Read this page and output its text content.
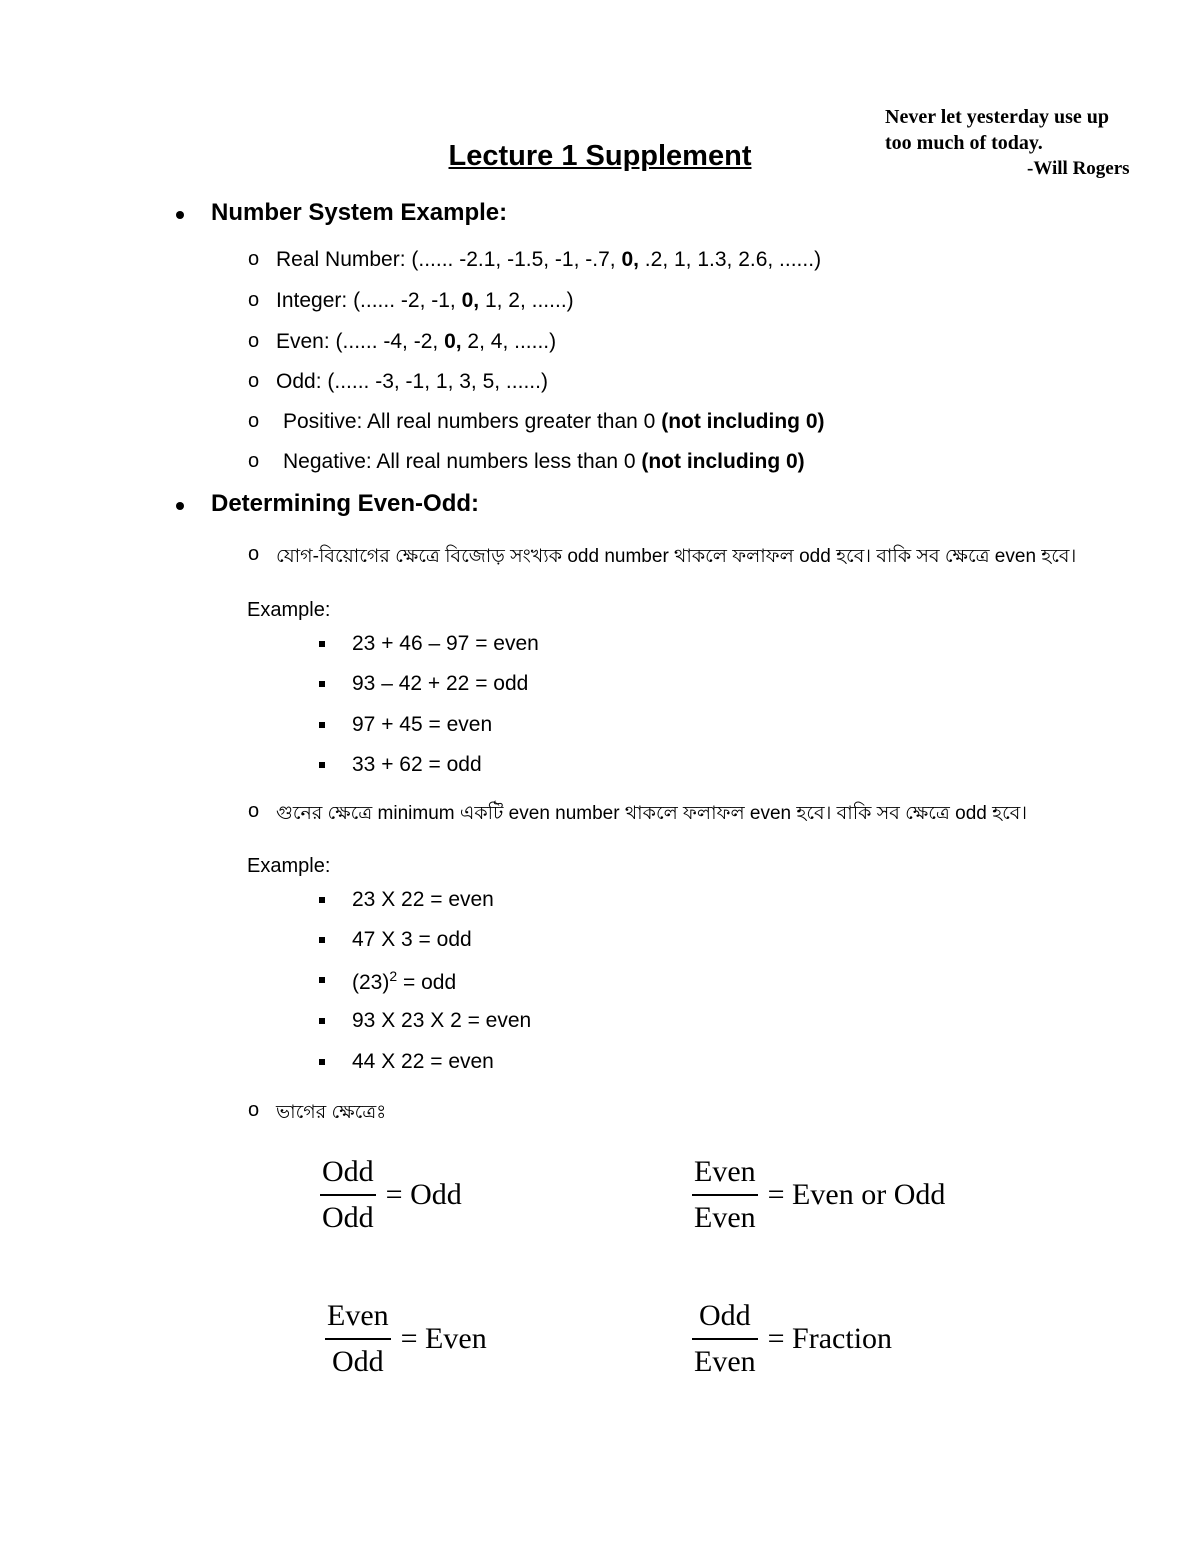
Never let yesterday use up
too much of today.
-Will Rogers
Lecture 1 Supplement
Number System Example:
o Real Number: (...... -2.1, -1.5, -1, -.7, 0, .2, 1, 1.3, 2.6, ......)
o Integer: (...... -2, -1, 0, 1, 2, ......)
o Even: (...... -4, -2, 0, 2, 4, ......)
o Odd: (...... -3, -1, 1, 3, 5, ......)
o Positive: All real numbers greater than 0 (not including 0)
o Negative: All real numbers less than 0 (not including 0)
Determining Even-Odd:
o যোগ-বিয়োগের ক্ষেত্রে বিজোড় সংখ্যক odd number থাকলে ফলাফল odd হবে। বাকি সব ক্ষেত্রে even হবে।
Example:
23 + 46 – 97 = even
93 – 42 + 22 = odd
97 + 45 = even
33 + 62 = odd
o গুনের ক্ষেত্রে minimum একটি even number থাকলে ফলাফল even হবে। বাকি সব ক্ষেত্রে odd হবে।
Example:
23 X 22 = even
47 X 3 = odd
$(23)^2$ = odd
93 X 23 X 2 = even
44 X 22 = even
o ভাগের ক্ষেত্রেঃ
Odd
Odd
= Odd
Even
Even
= Even or Odd
Even
Odd
= Even
Odd
Even
= Fraction
